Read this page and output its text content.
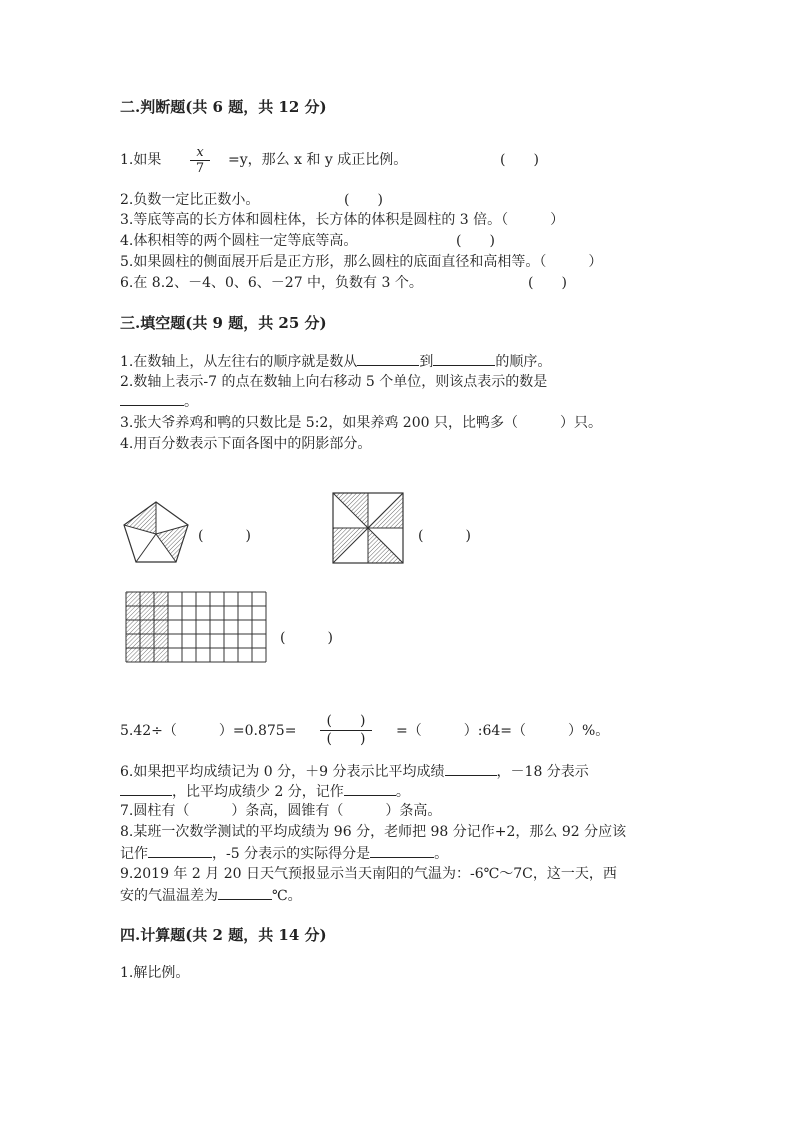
二.判断题(共 6 题，共 12 分)
1.如果	x
7
=y，那么 x 和 y 成正比例。	(　　)
2.负数一定比正数小。	(　　)
3.等底等高的长方体和圆柱体，长方体的体积是圆柱的 3 倍。（　　　）
4.体积相等的两个圆柱一定等底等高。	(　　)
5.如果圆柱的侧面展开后是正方形，那么圆柱的底面直径和高相等。（　　　）
6.在 8.2、－4、0、6、－27 中，负数有 3 个。	(　　)
三.填空题(共 9 题，共 25 分)
1.在数轴上，从左往右的顺序就是数从	到	的顺序。
2.数轴上表示-7 的点在数轴上向右移动 5 个单位，则该点表示的数是
。
3.张大爷养鸡和鸭的只数比是 5:2，如果养鸡 200 只，比鸭多（　　　）只。
4.用百分数表示下面各图中的阴影部分。
(　　　)	(　　　)
(　　　)
5.42÷（　　　）=0.875=
(　　)
(　　)	=（　　　）:64=（　　　）%。
6.如果把平均成绩记为 0 分，＋9 分表示比平均成绩	，－18 分表示
，比平均成绩少 2 分，记作	。
7.圆柱有（　　　）条高，圆锥有（　　　）条高。
8.某班一次数学测试的平均成绩为 96 分，老师把 98 分记作+2，那么 92 分应该
记作	，-5 分表示的实际得分是	。
9.2019 年 2 月 20 日天气预报显示当天南阳的气温为：-6℃～7C，这一天，西
安的气温温差为	℃。
四.计算题(共 2 题，共 14 分)
1.解比例。
